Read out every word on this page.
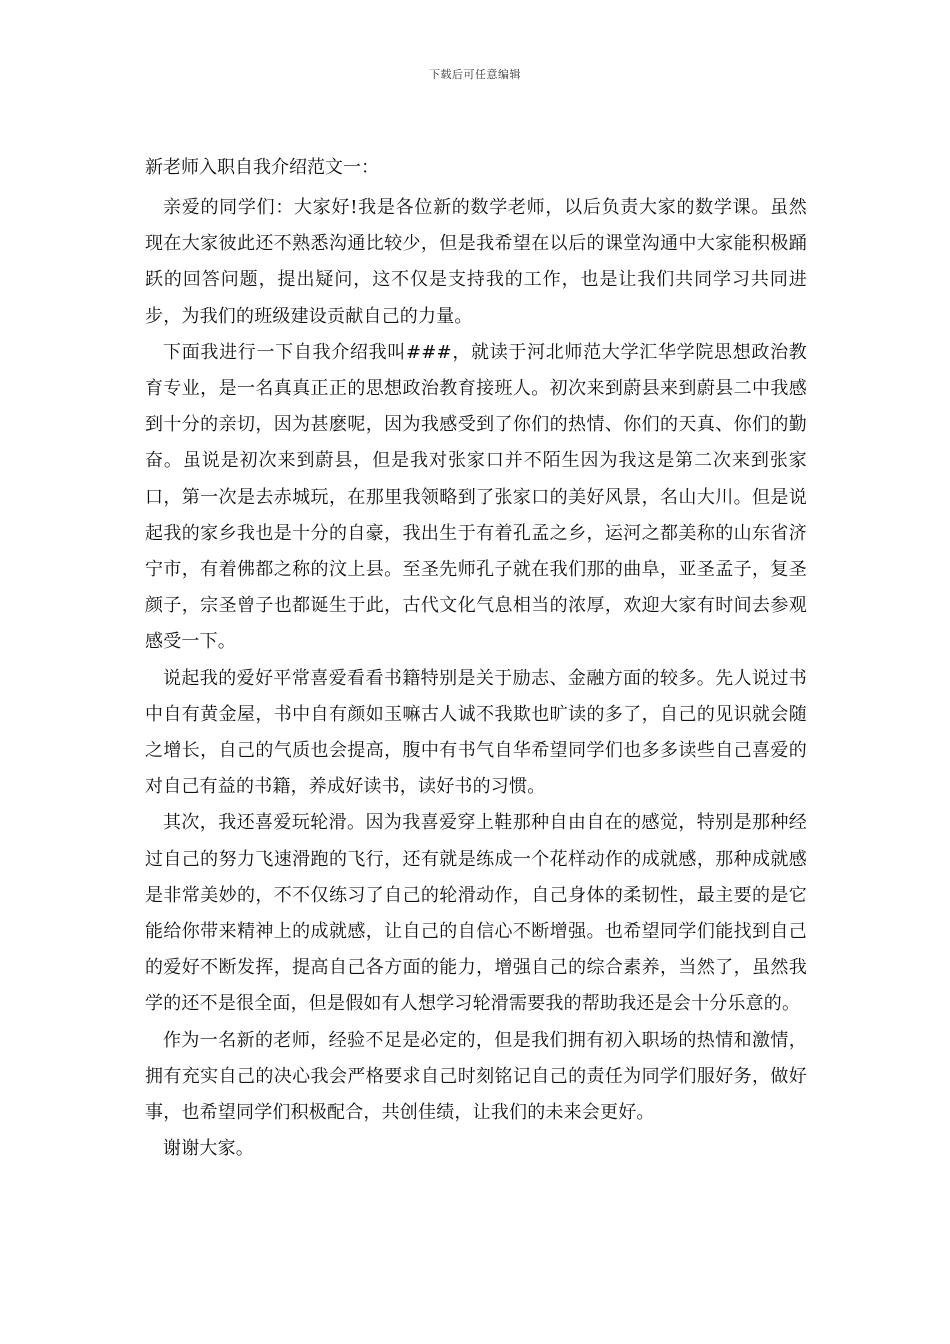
下载后可任意编辑
新老师入职自我介绍范文一：

亲爱的同学们：大家好!我是各位新的数学老师，以后负责大家的数学课。虽然现在大家彼此还不熟悉沟通比较少，但是我希望在以后的课堂沟通中大家能积极踊跃的回答问题，提出疑问，这不仅是支持我的工作，也是让我们共同学习共同进步，为我们的班级建设贡献自己的力量。

下面我进行一下自我介绍我叫###，就读于河北师范大学汇华学院思想政治教育专业，是一名真真正正的思想政治教育接班人。初次来到蔚县来到蔚县二中我感到十分的亲切，因为甚麽呢，因为我感受到了你们的热情、你们的天真、你们的勤奋。虽说是初次来到蔚县，但是我对张家口并不陌生因为我这是第二次来到张家口，第一次是去赤城玩，在那里我领略到了张家口的美好风景，名山大川。但是说起我的家乡我也是十分的自豪，我出生于有着孔孟之乡，运河之都美称的山东省济宁市，有着佛都之称的汶上县。至圣先师孔子就在我们那的曲阜，亚圣孟子，复圣颜子，宗圣曾子也都诞生于此，古代文化气息相当的浓厚，欢迎大家有时间去参观感受一下。

说起我的爱好平常喜爱看看书籍特别是关于励志、金融方面的较多。先人说过书中自有黄金屋，书中自有颜如玉嘛古人诚不我欺也旷读的多了，自己的见识就会随之增长，自己的气质也会提高，腹中有书气自华希望同学们也多多读些自己喜爱的对自己有益的书籍，养成好读书，读好书的习惯。

其次，我还喜爱玩轮滑。因为我喜爱穿上鞋那种自由自在的感觉，特别是那种经过自己的努力飞速滑跑的飞行，还有就是练成一个花样动作的成就感，那种成就感是非常美妙的，不不仅练习了自己的轮滑动作，自己身体的柔韧性，最主要的是它能给你带来精神上的成就感，让自己的自信心不断增强。也希望同学们能找到自己的爱好不断发挥，提高自己各方面的能力，增强自己的综合素养，当然了，虽然我学的还不是很全面，但是假如有人想学习轮滑需要我的帮助我还是会十分乐意的。

作为一名新的老师，经验不足是必定的，但是我们拥有初入职场的热情和激情，拥有充实自己的决心我会严格要求自己时刻铭记自己的责任为同学们服好务，做好事，也希望同学们积极配合，共创佳绩，让我们的未来会更好。

谢谢大家。
